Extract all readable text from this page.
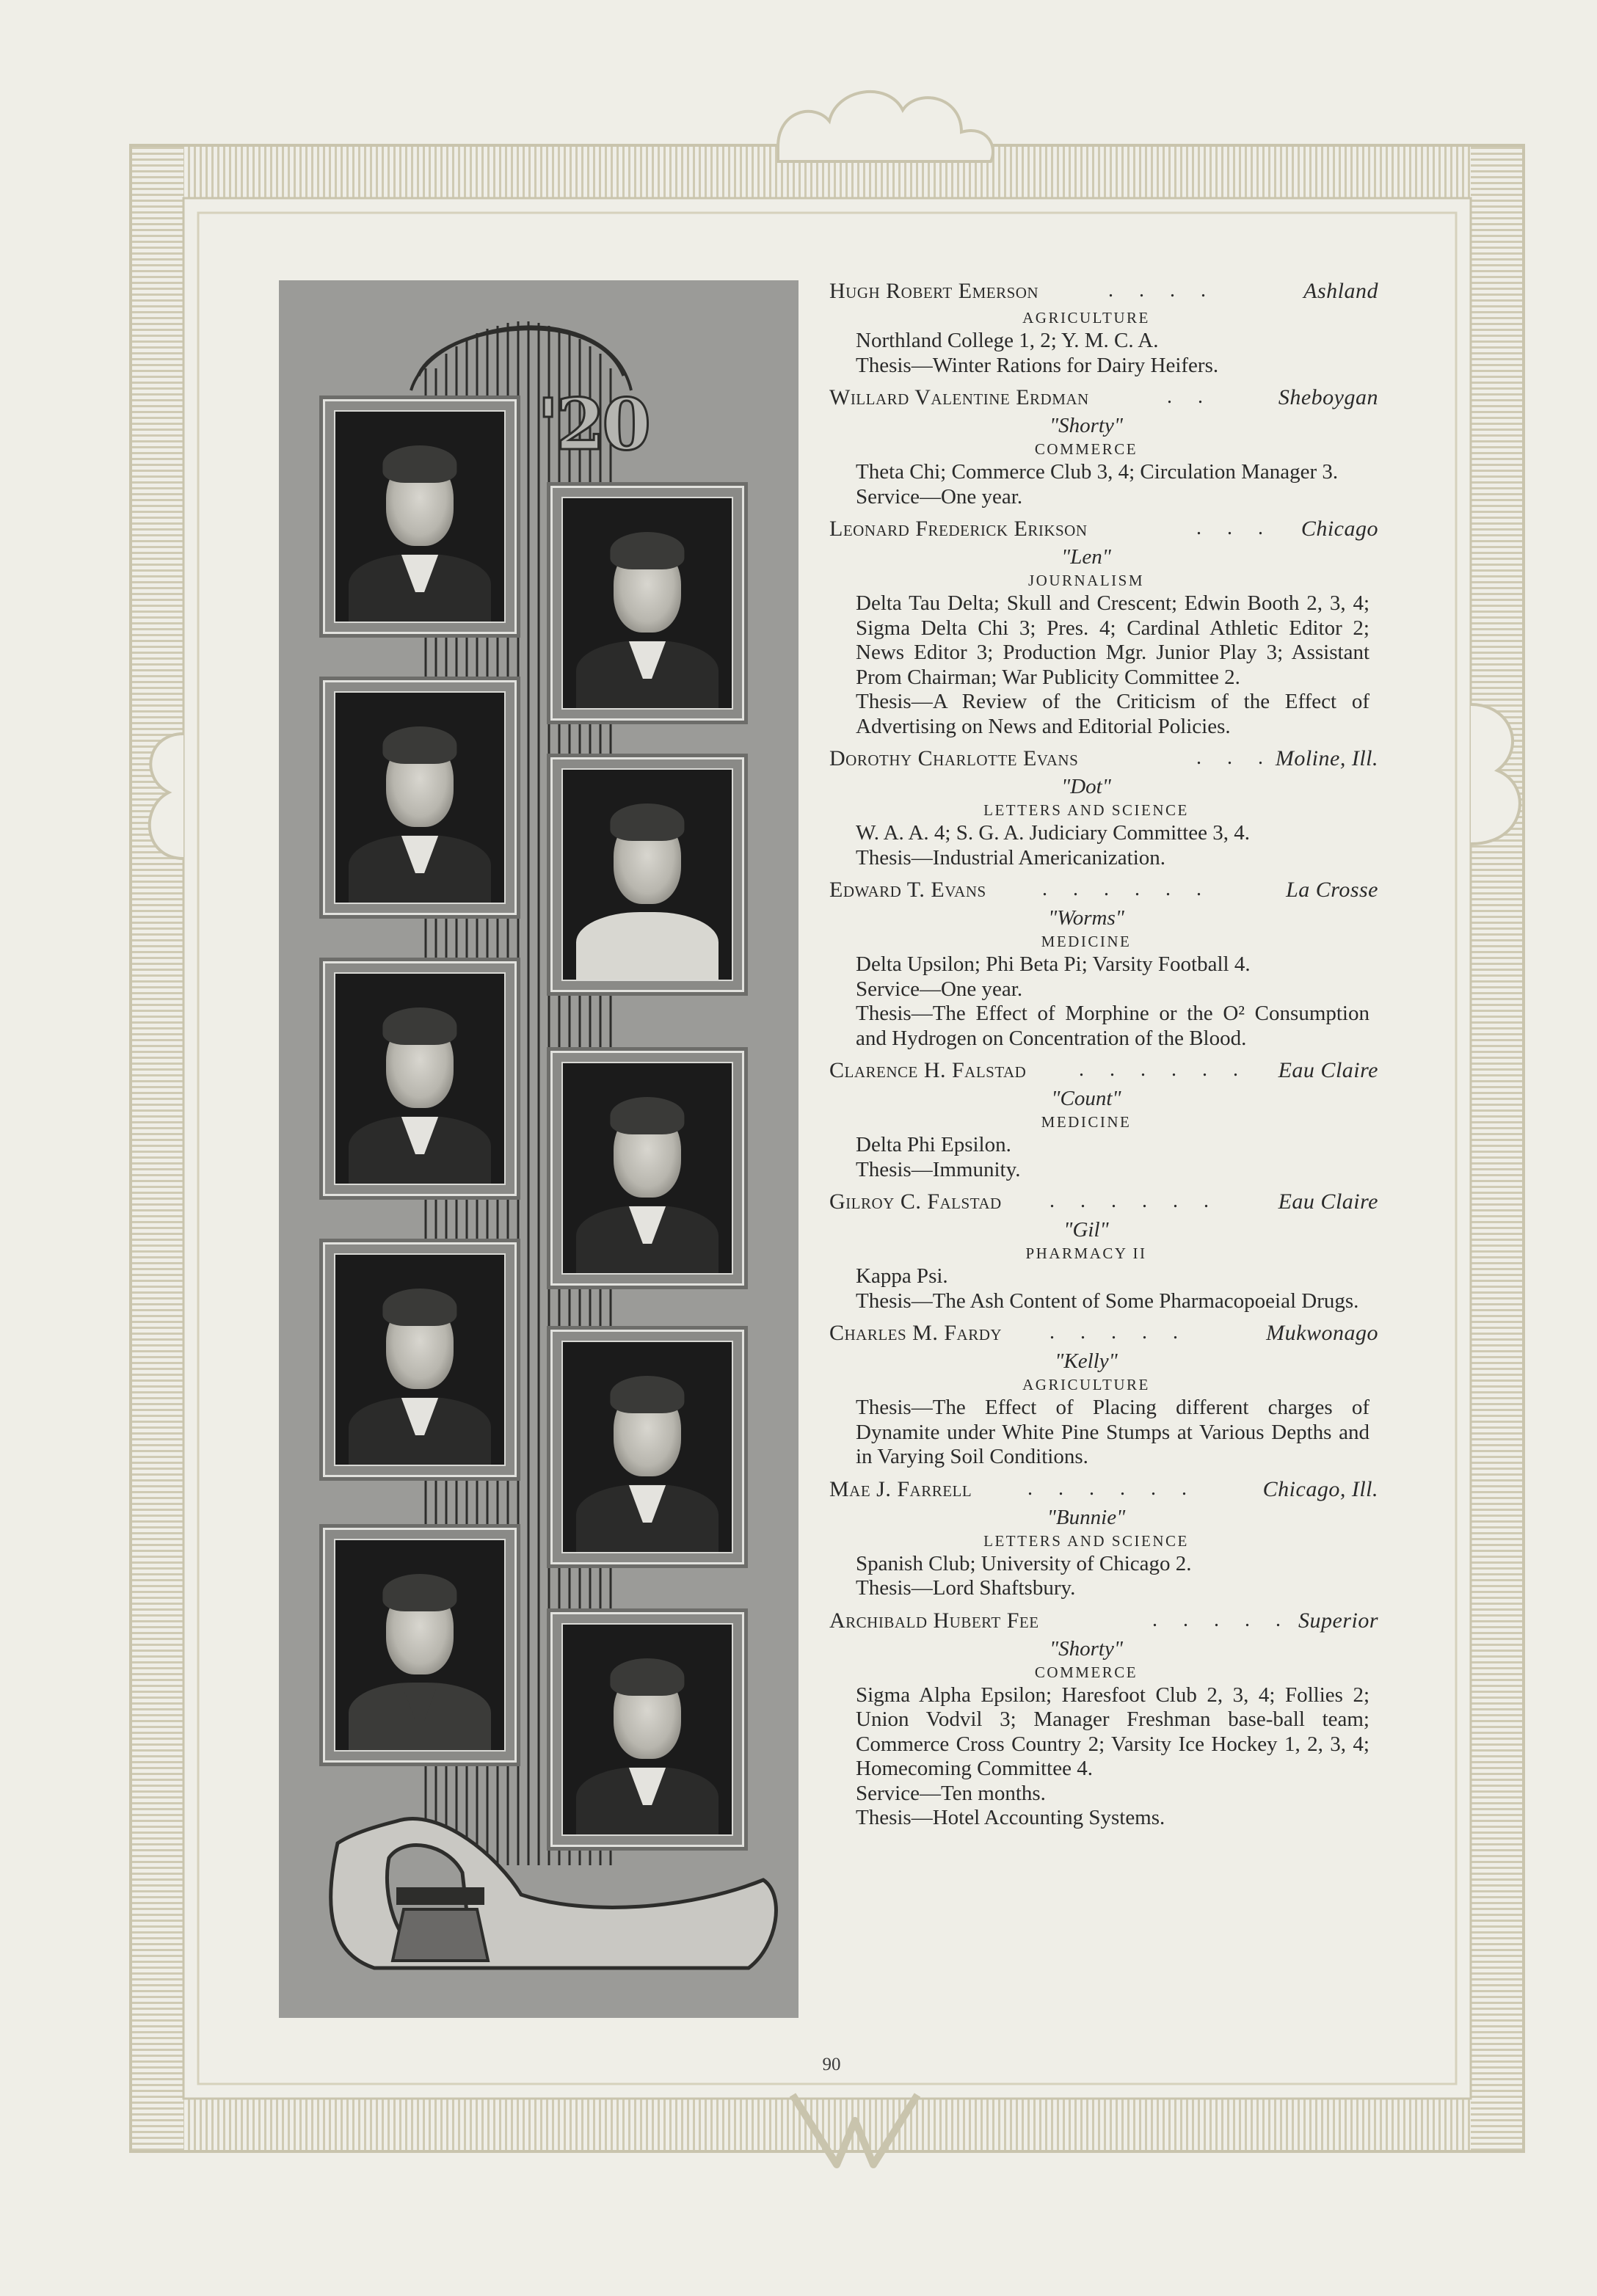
'20
Hugh Robert Emerson	. . . .	Ashland
AGRICULTURE
Northland College 1, 2; Y. M. C. A.
Thesis—Winter Rations for Dairy Heifers.
Willard Valentine Erdman	. .	Sheboygan
"Shorty"
COMMERCE
Theta Chi; Commerce Club 3, 4; Circulation Manager 3.
Service—One year.
Leonard Frederick Erikson	. . . Chicago
"Len"
JOURNALISM
Delta Tau Delta; Skull and Crescent; Edwin Booth 2, 3, 4; Sigma Delta Chi 3; Pres. 4; Cardinal Athletic Editor 2; News Editor 3; Production Mgr. Junior Play 3; Assistant Prom Chairman; War Publicity Committee 2.
Thesis—A Review of the Criticism of the Effect of Advertising on News and Editorial Policies.
Dorothy Charlotte Evans	. . . Moline, Ill.
"Dot"
LETTERS AND SCIENCE
W. A. A. 4; S. G. A. Judiciary Committee 3, 4.
Thesis—Industrial Americanization.
Edward T. Evans	. . . . . .	La Crosse
"Worms"
MEDICINE
Delta Upsilon; Phi Beta Pi; Varsity Football 4.
Service—One year.
Thesis—The Effect of Morphine or the O² Consumption and Hydrogen on Concentration of the Blood.
Clarence H. Falstad	. . . . . . Eau Claire
"Count"
MEDICINE
Delta Phi Epsilon.
Thesis—Immunity.
Gilroy C. Falstad . . . . . .	Eau Claire
"Gil"
PHARMACY II
Kappa Psi.
Thesis—The Ash Content of Some Pharmacopoeial Drugs.
Charles M. Fardy . . . . .	Mukwonago
"Kelly"
AGRICULTURE
Thesis—The Effect of Placing different charges of Dynamite under White Pine Stumps at Various Depths and in Varying Soil Conditions.
Mae J. Farrell	. . . . . .	Chicago, Ill.
"Bunnie"
LETTERS AND SCIENCE
Spanish Club; University of Chicago 2.
Thesis—Lord Shaftsbury.
Archibald Hubert Fee	. . . . . Superior
"Shorty"
COMMERCE
Sigma Alpha Epsilon; Haresfoot Club 2, 3, 4; Follies 2; Union Vodvil 3; Manager Freshman base-ball team; Commerce Cross Country 2; Varsity Ice Hockey 1, 2, 3, 4; Homecoming Committee 4.
Service—Ten months.
Thesis—Hotel Accounting Systems.
90
